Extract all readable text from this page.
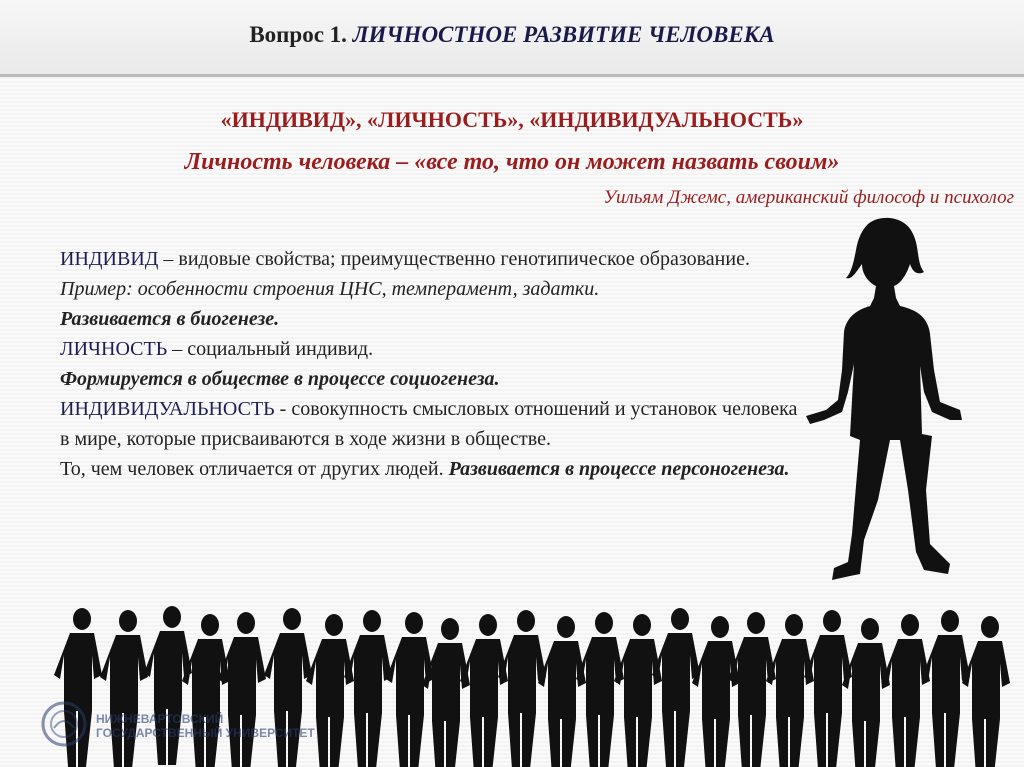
Вопрос 1. ЛИЧНОСТНОЕ РАЗВИТИЕ ЧЕЛОВЕКА
«ИНДИВИД», «ЛИЧНОСТЬ», «ИНДИВИДУАЛЬНОСТЬ»
Личность человека – «все то, что он может назвать своим»
Уильям Джемс, американский философ и психолог

ИНДИВИД – видовые свойства; преимущественно генотипическое образование. Пример: особенности строения ЦНС, темперамент, задатки.

Развивается в биогенезе.

ЛИЧНОСТЬ – социальный индивид.

Формируется в обществе в процессе социогенеза.

ИНДИВИДУАЛЬНОСТЬ - совокупность смысловых отношений и установок человека в мире, которые присваиваются в ходе жизни в обществе.

То, чем человек отличается от других людей. Развивается в процессе персоногенеза.

НИЖНЕВАРТОВСКИЙ
ГОСУДАРСТВЕННЫЙ УНИВЕРСИТЕТ
